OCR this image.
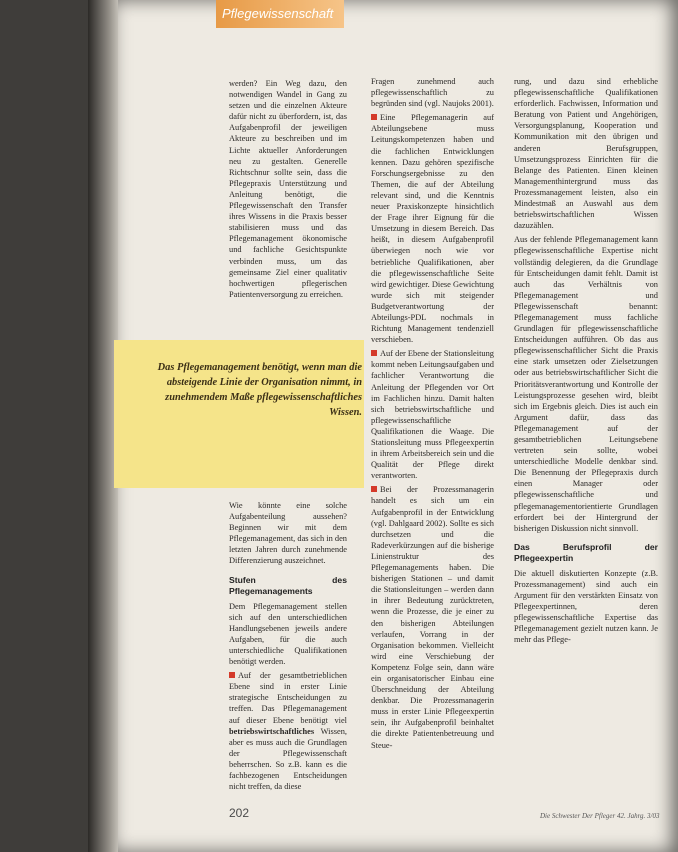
Pflegewissenschaft

werden? Ein Weg dazu, den notwendigen Wandel in Gang zu setzen und die einzelnen Akteure dafür nicht zu überfordern, ist, das Aufgabenprofil der jeweiligen Akteure zu beschreiben und im Lichte aktueller Anforderungen neu zu gestalten. Generelle Richtschnur sollte sein, dass die Pflegepraxis Unterstützung und Anleitung benötigt, die Pflegewissenschaft den Transfer ihres Wissens in die Praxis besser stabilisieren muss und das Pflegemanagement ökonomische und fachliche Gesichtspunkte verbinden muss, um das gemeinsame Ziel einer qualitativ hochwertigen pflegerischen Patientenversorgung zu erreichen.

Das Pflegemanagement benötigt, wenn man die absteigende Linie der Organisation nimmt, in zunehmendem Maße pflegewissenschaftliches Wissen.

Wie könnte eine solche Aufgabenteilung aussehen? Beginnen wir mit dem Pflegemanagement, das sich in den letzten Jahren durch zunehmende Differenzierung auszeichnet.

Stufen des Pflegemanagements

Dem Pflegemanagement stellen sich auf den unterschiedlichen Handlungsebenen jeweils andere Aufgaben, für die auch unterschiedliche Qualifikationen benötigt werden.

Auf der gesamtbetrieblichen Ebene sind in erster Linie strategische Entscheidungen zu treffen. Das Pflegemanagement auf dieser Ebene benötigt viel betriebswirtschaftliches Wissen, aber es muss auch die Grundlagen der Pflegewissenschaft beherrschen. So z.B. kann es die fachbezogenen Entscheidungen nicht treffen, da diese

Fragen zunehmend auch pflegewissenschaftlich zu begründen sind (vgl. Naujoks 2001).

Eine Pflegemanagerin auf Abteilungsebene muss Leitungskompetenzen haben und die fachlichen Entwicklungen kennen. Dazu gehören spezifische Forschungsergebnisse zu den Themen, die auf der Abteilung relevant sind, und die Kenntnis neuer Praxiskonzepte hinsichtlich der Frage ihrer Eignung für die Umsetzung in diesem Bereich. Das heißt, in diesem Aufgabenprofil überwiegen noch wie vor betriebliche Qualifikationen, aber die pflegewissenschaftliche Seite wird gewichtiger. Diese Gewichtung wurde sich mit steigender Budgetverantwortung der Abteilungs-PDL nochmals in Richtung Management tendenziell verschieben.

Auf der Ebene der Stationsleitung kommt neben Leitungsaufgaben und fachlicher Verantwortung die Anleitung der Pflegenden vor Ort im Fachlichen hinzu. Damit halten sich betriebswirtschaftliche und pflegewissenschaftliche Qualifikationen die Waage. Die Stationsleitung muss Pflegeexpertin in ihrem Arbeitsbereich sein und die Qualität der Pflege direkt verantworten.

Bei der Prozessmanagerin handelt es sich um ein Aufgabenprofil in der Entwicklung (vgl. Dahlgaard 2002). Sollte es sich durchsetzen und die Radeverkürzungen auf die bisherige Linienstruktur des Pflegemanagements haben. Die bisherigen Stationen – und damit die Stationsleitungen – werden dann in ihrer Bedeutung zurücktreten, wenn die Prozesse, die je einer zu den bisherigen Abteilungen verlaufen, Vorrang in der Organisation bekommen. Vielleicht wird eine Verschiebung der Kompetenz Folge sein, dann wäre ein organisatorischer Einbau eine Überschneidung der Abteilung denkbar. Die Prozessmanagerin muss in erster Linie Pflegeexpertin sein, ihr Aufgabenprofil beinhaltet die direkte Patientenbetreuung und Steue-

rung, und dazu sind erhebliche pflegewissenschaftliche Qualifikationen erforderlich. Fachwissen, Information und Beratung von Patient und Angehörigen, Versorgungsplanung, Kooperation und Kommunikation mit den übrigen und anderen Berufsgruppen, Umsetzungsprozess Einrichten für die Belange des Patienten. Einen kleinen Managementhintergrund muss das Prozessmanagement leisten, also ein Mindestmaß an Auswahl aus dem betriebswirtschaftlichen Wissen dazuzählen.

Aus der fehlende Pflegemanagement kann pflegewissenschaftliche Expertise nicht vollständig delegieren, da die Grundlage für Entscheidungen damit fehlt. Damit ist auch das Verhältnis von Pflegemanagement und Pflegewissenschaft benannt: Pflegemanagement muss fachliche Grundlagen für pflegewissenschaftliche Entscheidungen aufführen. Ob das aus pflegewissenschaftlicher Sicht die Praxis eine stark umsetzen oder Zielsetzungen oder aus betriebswirtschaftlicher Sicht die Prioritätsverantwortung und Kontrolle der Leistungsprozesse gesehen wird, bleibt sich im Ergebnis gleich. Dies ist auch ein Argument dafür, dass das Pflegemanagement auf der gesamtbetrieblichen Leitungsebene vertreten sein sollte, wobei unterschiedliche Modelle denkbar sind. Die Benennung der Pflegepraxis durch einen Manager oder pflegewissenschaftliche und pflegemanagementorientierte Grundlagen erfordert bei der Hintergrund der bisherigen Diskussion nicht sinnvoll.

Das Berufsprofil der Pflegeexpertin

Die aktuell diskutierten Konzepte (z.B. Prozessmanagement) sind auch ein Argument für den verstärkten Einsatz von Pflegeexpertinnen, deren pflegewissenschaftliche Expertise das Pflegemanagement gezielt nutzen kann. Je mehr das Pflege-

202	Die Schwester Der Pfleger 42. Jahrg. 3/03
